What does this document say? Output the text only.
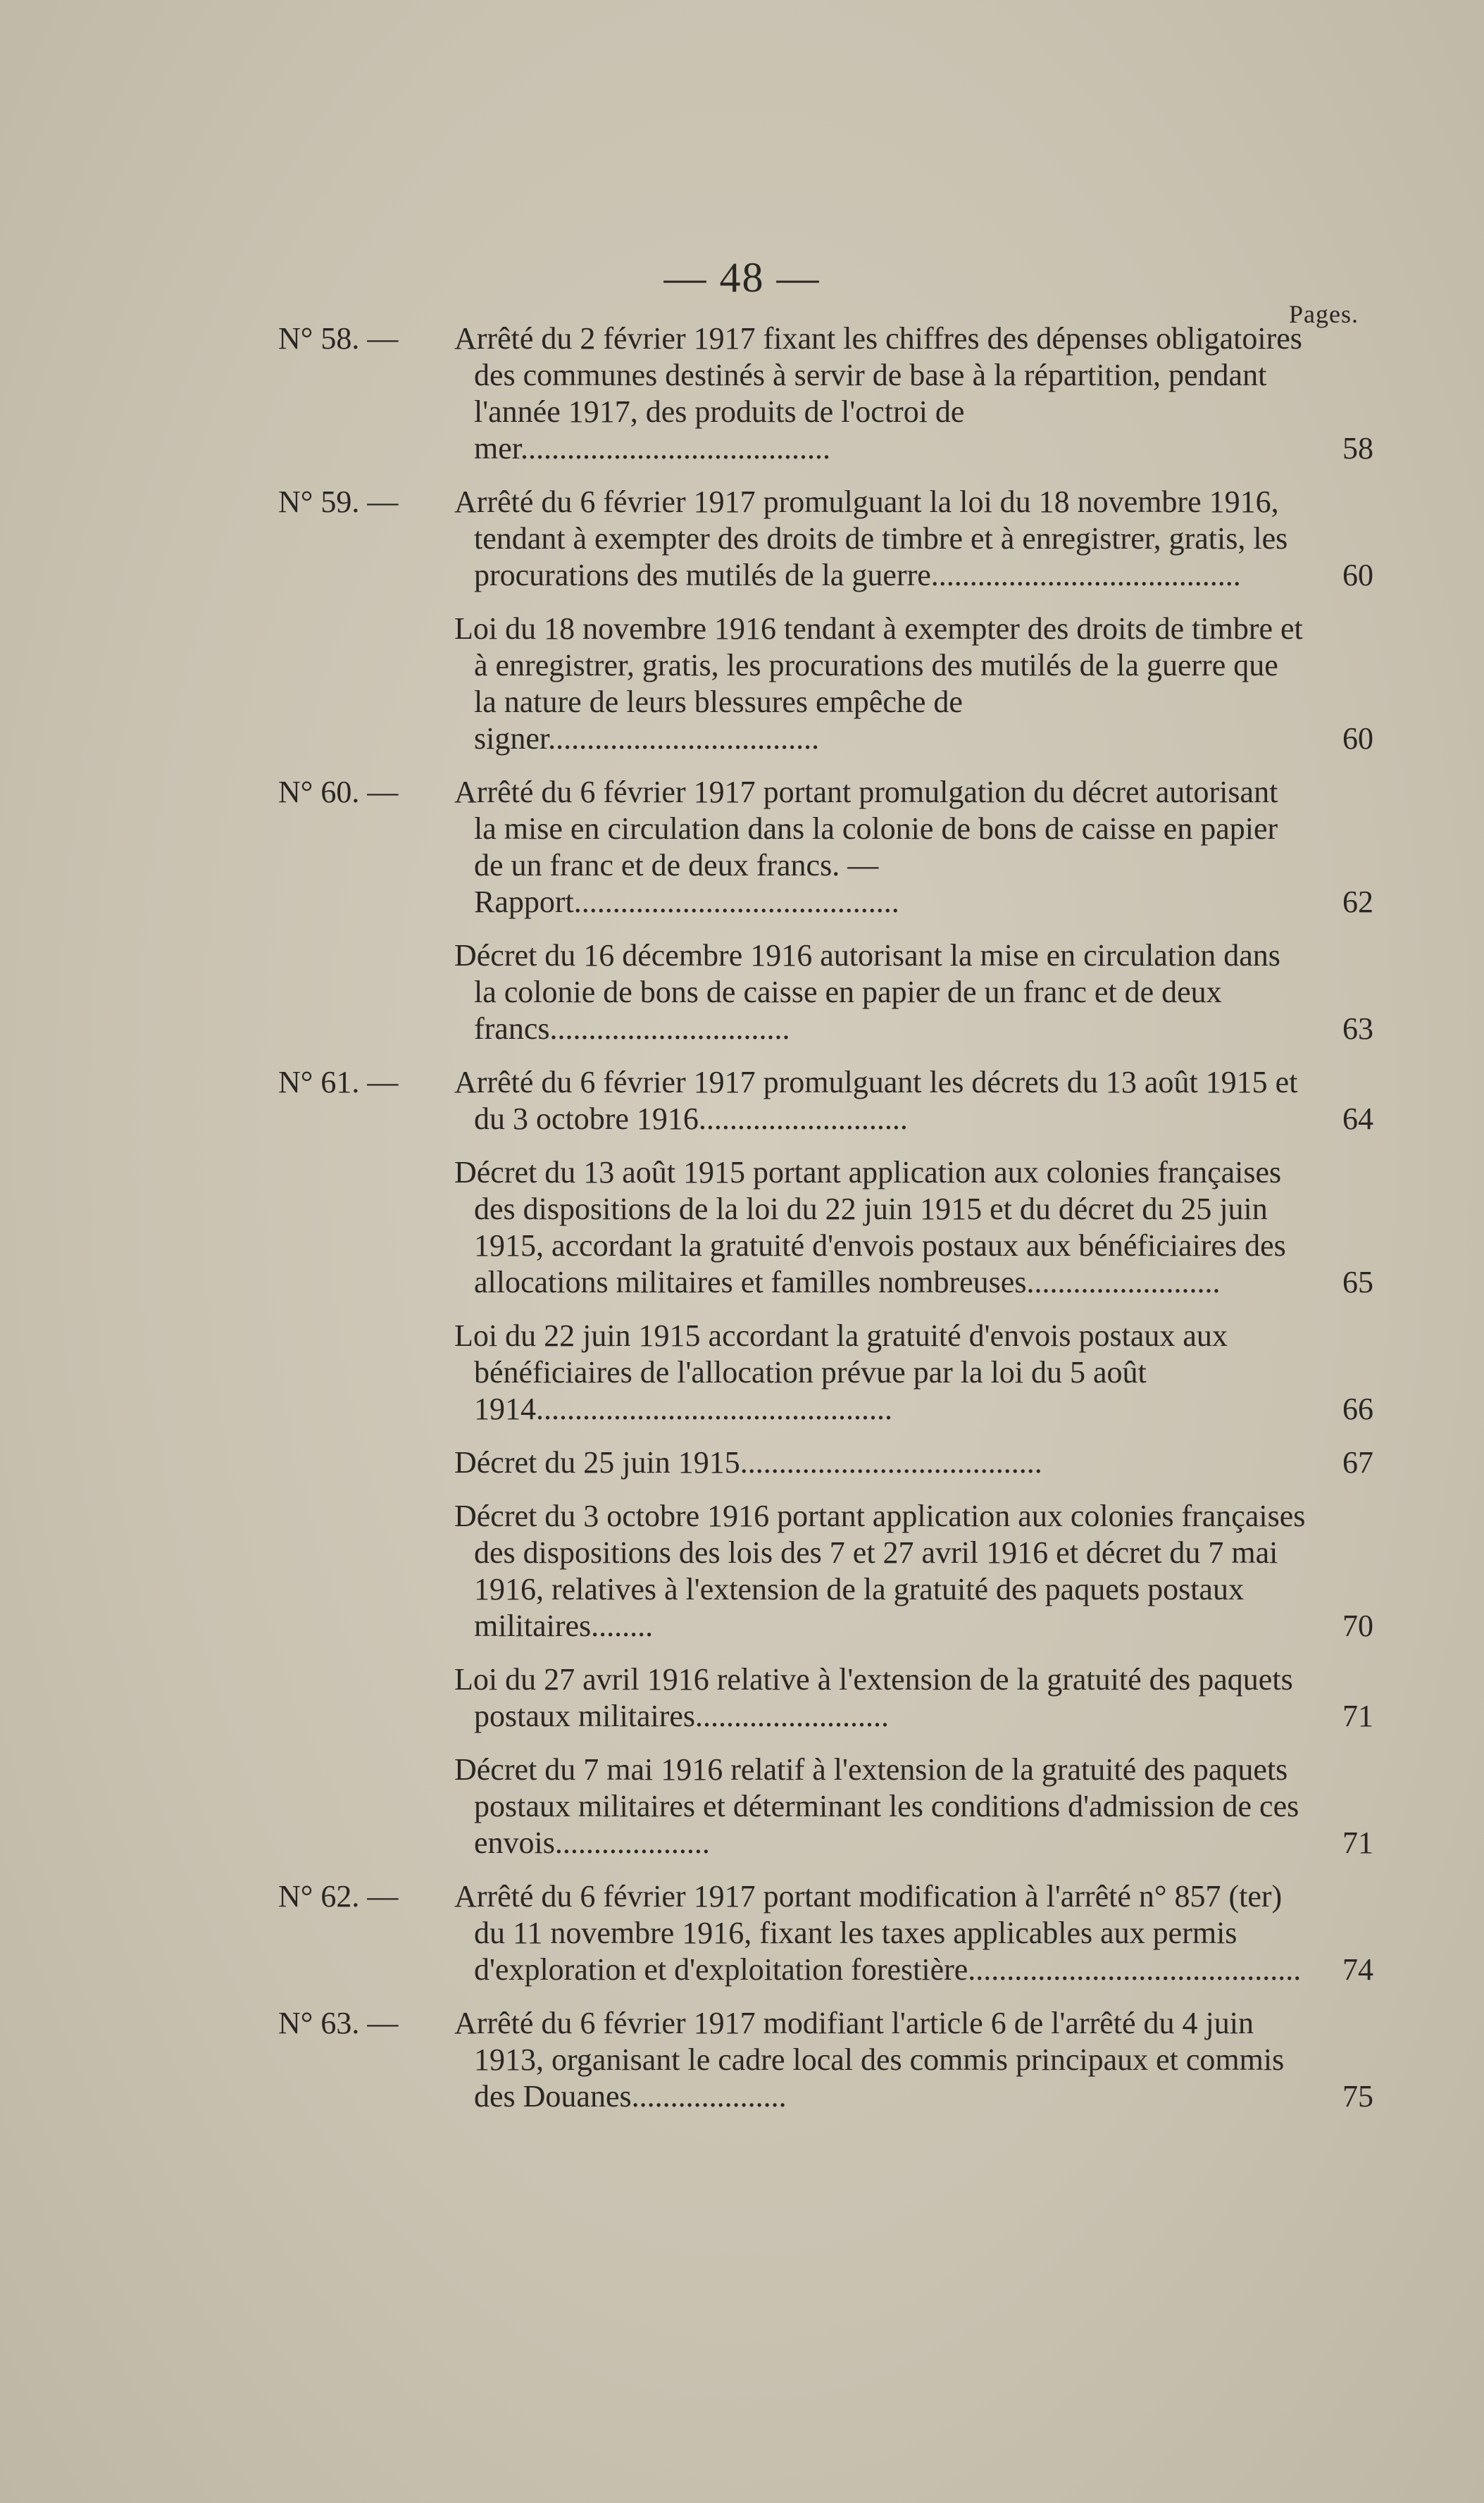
— 48 —
Pages.
N° 58. —	Arrêté du 2 février 1917 fixant les chiffres des dépenses obligatoires des communes destinés à servir de base à la répartition, pendant l'année 1917, des produits de l'octroi de mer........................................	58
N° 59. —	Arrêté du 6 février 1917 promulguant la loi du 18 novembre 1916, tendant à exempter des droits de timbre et à enregistrer, gratis, les procurations des mutilés de la guerre........................................	60
Loi du 18 novembre 1916 tendant à exempter des droits de timbre et à enregistrer, gratis, les procurations des mutilés de la guerre que la nature de leurs blessures empêche de signer...................................	60
N° 60. —	Arrêté du 6 février 1917 portant promulgation du décret autorisant la mise en circulation dans la colonie de bons de caisse en papier de un franc et de deux francs. — Rapport..........................................	62
Décret du 16 décembre 1916 autorisant la mise en circulation dans la colonie de bons de caisse en papier de un franc et de deux francs...............................	63
N° 61. —	Arrêté du 6 février 1917 promulguant les décrets du 13 août 1915 et du 3 octobre 1916...........................	64
Décret du 13 août 1915 portant application aux colonies françaises des dispositions de la loi du 22 juin 1915 et du décret du 25 juin 1915, accordant la gratuité d'envois postaux aux bénéficiaires des allocations militaires et familles nombreuses.........................	65
Loi du 22 juin 1915 accordant la gratuité d'envois postaux aux bénéficiaires de l'allocation prévue par la loi du 5 août 1914..............................................	66
Décret du 25 juin 1915.......................................	67
Décret du 3 octobre 1916 portant application aux colonies françaises des dispositions des lois des 7 et 27 avril 1916 et décret du 7 mai 1916, relatives à l'extension de la gratuité des paquets postaux militaires........	70
Loi du 27 avril 1916 relative à l'extension de la gratuité des paquets postaux militaires.........................	71
Décret du 7 mai 1916 relatif à l'extension de la gratuité des paquets postaux militaires et déterminant les conditions d'admission de ces envois....................	71
N° 62. —	Arrêté du 6 février 1917 portant modification à l'arrêté n° 857 (ter) du 11 novembre 1916, fixant les taxes applicables aux permis d'exploration et d'exploitation forestière...........................................	74
N° 63. —	Arrêté du 6 février 1917 modifiant l'article 6 de l'arrêté du 4 juin 1913, organisant le cadre local des commis principaux et commis des Douanes....................	75
